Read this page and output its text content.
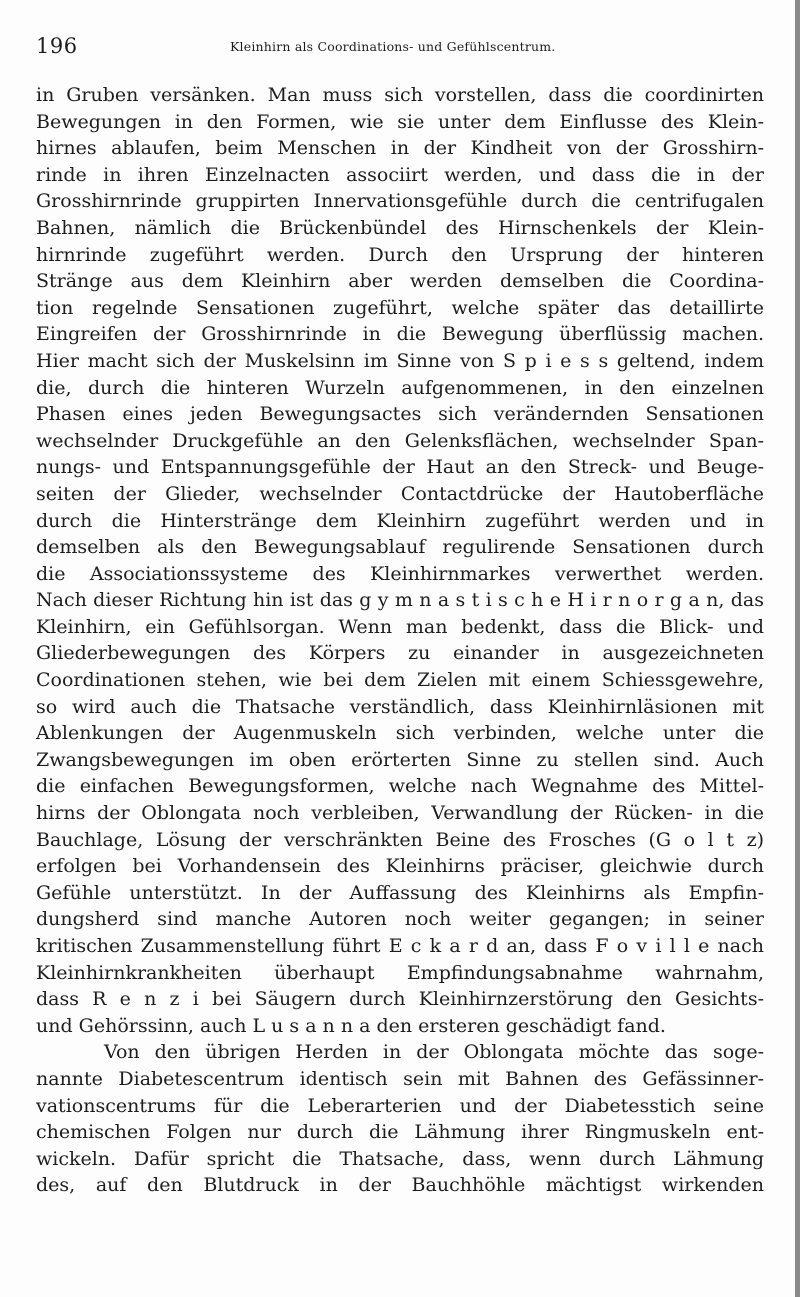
196	Kleinhirn als Coordinations- und Gefühlscentrum.
in Gruben versänken. Man muss sich vorstellen, dass die coordinirten
Bewegungen in den Formen, wie sie unter dem Einflusse des Klein-
hirnes ablaufen, beim Menschen in der Kindheit von der Grosshirn-
rinde in ihren Einzelnacten associirt werden, und dass die in der
Grosshirnrinde gruppirten Innervationsgefühle durch die centrifugalen
Bahnen, nämlich die Brückenbündel des Hirnschenkels der Klein-
hirnrinde zugeführt werden. Durch den Ursprung der hinteren
Stränge aus dem Kleinhirn aber werden demselben die Coordina-
tion regelnde Sensationen zugeführt, welche später das detaillirte
Eingreifen der Grosshirnrinde in die Bewegung überflüssig machen.
Hier macht sich der Muskelsinn im Sinne von S p i e s s geltend, indem
die, durch die hinteren Wurzeln aufgenommenen, in den einzelnen
Phasen eines jeden Bewegungsactes sich verändernden Sensationen
wechselnder Druckgefühle an den Gelenksflächen, wechselnder Span-
nungs- und Entspannungsgefühle der Haut an den Streck- und Beuge-
seiten der Glieder, wechselnder Contactdrücke der Hautoberfläche
durch die Hinterstränge dem Kleinhirn zugeführt werden und in
demselben als den Bewegungsablauf regulirende Sensationen durch
die Associationssysteme des Kleinhirnmarkes verwerthet werden.
Nach dieser Richtung hin ist das g y m n a s t i s c h e H i r n o r g a n, das
Kleinhirn, ein Gefühlsorgan. Wenn man bedenkt, dass die Blick- und
Gliederbewegungen des Körpers zu einander in ausgezeichneten
Coordinationen stehen, wie bei dem Zielen mit einem Schiessgewehre,
so wird auch die Thatsache verständlich, dass Kleinhirnläsionen mit
Ablenkungen der Augenmuskeln sich verbinden, welche unter die
Zwangsbewegungen im oben erörterten Sinne zu stellen sind. Auch
die einfachen Bewegungsformen, welche nach Wegnahme des Mittel-
hirns der Oblongata noch verbleiben, Verwandlung der Rücken- in die
Bauchlage, Lösung der verschränkten Beine des Frosches (G o l t z)
erfolgen bei Vorhandensein des Kleinhirns präciser, gleichwie durch
Gefühle unterstützt. In der Auffassung des Kleinhirns als Empfin-
dungsherd sind manche Autoren noch weiter gegangen; in seiner
kritischen Zusammenstellung führt E c k a r d an, dass F o v i l l e nach
Kleinhirnkrankheiten überhaupt Empfindungsabnahme wahrnahm,
dass R e n z i bei Säugern durch Kleinhirnzerstörung den Gesichts-
und Gehörssinn, auch L u s a n n a den ersteren geschädigt fand.
Von den übrigen Herden in der Oblongata möchte das soge-
nannte Diabetescentrum identisch sein mit Bahnen des Gefässinner-
vationscentrums für die Leberarterien und der Diabetesstich seine
chemischen Folgen nur durch die Lähmung ihrer Ringmuskeln ent-
wickeln. Dafür spricht die Thatsache, dass, wenn durch Lähmung
des, auf den Blutdruck in der Bauchhöhle mächtigst wirkenden
